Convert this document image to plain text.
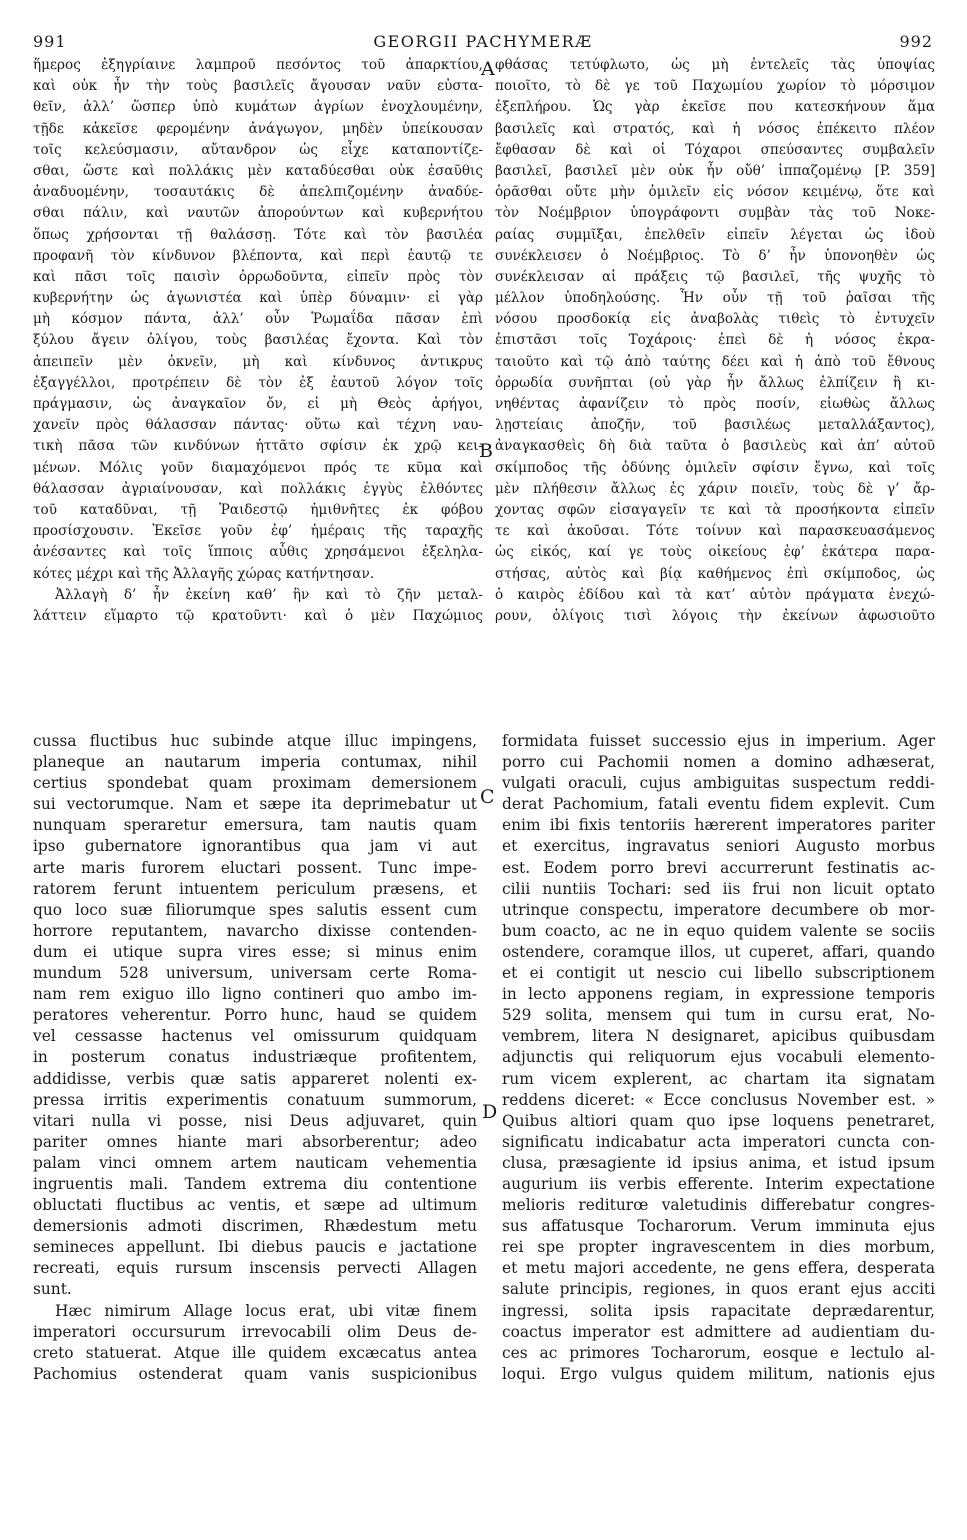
991	GEORGII PACHYMERÆ	992
ἥμερος ἐξηγρίαινε λαμπροῦ πεσόντος τοῦ ἀπαρκτίου,
καὶ οὐκ ἦν τὴν τοὺς βασιλεῖς ἄγουσαν ναῦν εὐστα-
θεῖν, ἀλλ’ ὥσπερ ὑπὸ κυμάτων ἀγρίων ἐνοχλουμένην,
τῇδε κἀκεῖσε φερομένην ἀνάγωγον, μηδὲν ὑπείκουσαν
τοῖς κελεύσμασιν, αὔτανδρον ὡς εἶχε καταποντίζε-
σθαι, ὥστε καὶ πολλάκις μὲν καταδύεσθαι οὐκ ἐσαῦθις
ἀναδυομένην, τοσαυτάκις δὲ ἀπελπιζομένην ἀναδύε-
σθαι πάλιν, καὶ ναυτῶν ἀπορούντων καὶ κυβερνήτου
ὅπως χρήσονται τῇ θαλάσσῃ. Τότε καὶ τὸν βασιλέα
προφανῆ τὸν κίνδυνον βλέποντα, καὶ περὶ ἑαυτῷ τε
καὶ πᾶσι τοῖς παισὶν ὀρρωδοῦντα, εἰπεῖν πρὸς τὸν
κυβερνήτην ὡς ἀγωνιστέα καὶ ὑπὲρ δύναμιν· εἰ γὰρ
μὴ κόσμον πάντα, ἀλλ’ οὖν Ῥωμαΐδα πᾶσαν ἐπὶ
ξύλου ἄγειν ὀλίγου, τοὺς βασιλέας ἔχοντα. Καὶ τὸν
ἀπειπεῖν μὲν ὀκνεῖν, μὴ καὶ κίνδυνος ἀντικρυς
ἐξαγγέλλοι, προτρέπειν δὲ τὸν ἐξ ἑαυτοῦ λόγον τοῖς
πράγμασιν, ὡς ἀναγκαῖον ὄν, εἰ μὴ Θεὸς ἀρήγοι,
χανεῖν πρὸς θάλασσαν πάντας· οὕτω καὶ τέχνη ναυ-
τικὴ πᾶσα τῶν κινδύνων ἡττᾶτο σφίσιν ἐκ χρῷ κει-
μένων. Μόλις γοῦν διαμαχόμενοι πρός τε κῦμα καὶ
θάλασσαν ἀγριαίνουσαν, καὶ πολλάκις ἐγγὺς ἐλθόντες
τοῦ καταδῦναι, τῇ Ῥαιδεστῷ ἡμιθνῆτες ἐκ φόβου
προσίσχουσιν. Ἐκεῖσε γοῦν ἐφ’ ἡμέραις τῆς ταραχῆς
ἀνέσαντες καὶ τοῖς ἵπποις αὖθις χρησάμενοι ἐξεληλα-
κότες μέχρι καὶ τῆς Ἀλλαγῆς χώρας κατήντησαν.
Ἀλλαγὴ δ’ ἦν ἐκείνη καθ’ ἣν καὶ τὸ ζῆν μεταλ-
λάττειν εἵμαρτο τῷ κρατοῦντι· καὶ ὁ μὲν Παχώμιος
φθάσας τετύφλωτο, ὡς μὴ ἐντελεῖς τὰς ὑποψίας
ποιοῖτο, τὸ δὲ γε τοῦ Παχωμίου χωρίον τὸ μόρσιμον
ἐξεπλήρου. Ὡς γὰρ ἐκεῖσε που κατεσκήνουν ἅμα
βασιλεῖς καὶ στρατός, καὶ ἡ νόσος ἐπέκειτο πλέον
ἔφθασαν δὲ καὶ οἱ Τόχαροι σπεύσαντες συμβαλεῖν
βασιλεῖ, βασιλεῖ μὲν οὐκ ἦν οὔθ’ ἱππαζομένῳ [P. 359]
ὁρᾶσθαι οὔτε μὴν ὁμιλεῖν εἰς νόσον κειμένῳ, ὅτε καὶ
τὸν Νοέμβριον ὑπογράφοντι συμβὰν τὰς τοῦ Νοκε-
ραίας συμμῖξαι, ἐπελθεῖν εἰπεῖν λέγεται ὡς ἰδοὺ
συνέκλεισεν ὁ Νοέμβριος. Τὸ δ’ ἦν ὑπονοηθὲν ὡς
συνέκλεισαν αἱ πράξεις τῷ βασιλεῖ, τῆς ψυχῆς τὸ
μέλλον ὑποδηλούσης. Ἦν οὖν τῇ τοῦ ῥαῖσαι τῆς
νόσου προσδοκίᾳ εἰς ἀναβολὰς τιθεὶς τὸ ἐντυχεῖν
ἐπιστᾶσι τοῖς Τοχάροις· ἐπεὶ δὲ ἡ νόσος ἐκρα-
ταιοῦτο καὶ τῷ ἀπὸ ταύτης δέει καὶ ἡ ἀπὸ τοῦ ἔθνους
ὀρρωδία συνῆπται (οὐ γὰρ ἦν ἄλλως ἐλπίζειν ἢ κι-
νηθέντας ἀφανίζειν τὸ πρὸς ποσίν, εἰωθὼς ἄλλως
λῃστείαις ἀποζῆν, τοῦ βασιλέως μεταλλάξαντος),
ἀναγκασθεὶς δὴ διὰ ταῦτα ὁ βασιλεὺς καὶ ἀπ’ αὐτοῦ
σκίμποδος τῆς ὀδύνης ὁμιλεῖν σφίσιν ἔγνω, καὶ τοῖς
μὲν πλήθεσιν ἄλλως ἐς χάριν ποιεῖν, τοὺς δὲ γ’ ἄρ-
χοντας σφῶν εἰσαγαγεῖν τε καὶ τὰ προσήκοντα εἰπεῖν
τε καὶ ἀκοῦσαι. Τότε τοίνυν καὶ παρασκευασάμενος
ὡς εἰκός, καί γε τοὺς οἰκείους ἐφ’ ἑκάτερα παρα-
στήσας, αὐτὸς καὶ βίᾳ καθήμενος ἐπὶ σκίμποδος, ὡς
ὁ καιρὸς ἐδίδου καὶ τὰ κατ’ αὐτὸν πράγματα ἐνεχώ-
ρουν, ὀλίγοις τισὶ λόγοις τὴν ἐκείνων ἀφωσιοῦτο
A
B
cussa fluctibus huc subinde atque illuc impingens,
planeque an nautarum imperia contumax, nihil
certius spondebat quam proximam demersionem
sui vectorumque. Nam et sæpe ita deprimebatur ut
nunquam speraretur emersura, tam nautis quam
ipso gubernatore ignorantibus qua jam vi aut
arte maris furorem eluctari possent. Tunc impe-
ratorem ferunt intuentem periculum præsens, et
quo loco suæ filiorumque spes salutis essent cum
horrore reputantem, navarcho dixisse contenden-
dum ei utique supra vires esse; si minus enim
mundum 528 universum, universam certe Roma-
nam rem exiguo illo ligno contineri quo ambo im-
peratores veherentur. Porro hunc, haud se quidem
vel cessasse hactenus vel omissurum quidquam
in posterum conatus industriæque profitentem,
addidisse, verbis quæ satis appareret nolenti ex-
pressa irritis experimentis conatuum summorum,
vitari nulla vi posse, nisi Deus adjuvaret, quin
pariter omnes hiante mari absorberentur; adeo
palam vinci omnem artem nauticam vehementia
ingruentis mali. Tandem extrema diu contentione
obluctati fluctibus ac ventis, et sæpe ad ultimum
demersionis admoti discrimen, Rhædestum metu
semineces appellunt. Ibi diebus paucis e jactatione
recreati, equis rursum inscensis pervecti Allagen
sunt.
Hæc nimirum Allage locus erat, ubi vitæ finem
imperatori occursurum irrevocabili olim Deus de-
creto statuerat. Atque ille quidem excæcatus antea
Pachomius ostenderat quam vanis suspicionibus
formidata fuisset successio ejus in imperium. Ager
porro cui Pachomii nomen a domino adhæserat,
vulgati oraculi, cujus ambiguitas suspectum reddi-
derat Pachomium, fatali eventu fidem explevit. Cum
enim ibi fixis tentoriis hærerent imperatores pariter
et exercitus, ingravatus seniori Augusto morbus
est. Eodem porro brevi accurrerunt festinatis ac-
cilii nuntiis Tochari: sed iis frui non licuit optato
utrinque conspectu, imperatore decumbere ob mor-
bum coacto, ac ne in equo quidem valente se sociis
ostendere, coramque illos, ut cuperet, affari, quando
et ei contigit ut nescio cui libello subscriptionem
in lecto apponens regiam, in expressione temporis
529 solita, mensem qui tum in cursu erat, No-
vembrem, litera N designaret, apicibus quibusdam
adjunctis qui reliquorum ejus vocabuli elemento-
rum vicem explerent, ac chartam ita signatam
reddens diceret: « Ecce conclusus November est. »
Quibus altiori quam quo ipse loquens penetraret,
significatu indicabatur acta imperatori cuncta con-
clusa, præsagiente id ipsius anima, et istud ipsum
augurium iis verbis efferente. Interim expectatione
melioris rediturœ valetudinis differebatur congres-
sus affatusque Tocharorum. Verum imminuta ejus
rei spe propter ingravescentem in dies morbum,
et metu majori accedente, ne gens effera, desperata
salute principis, regiones, in quos erant ejus acciti
ingressi, solita ipsis rapacitate deprædarentur,
coactus imperator est admittere ad audientiam du-
ces ac primores Tocharorum, eosque e lectulo al-
loqui. Ergo vulgus quidem militum, nationis ejus
C
D
